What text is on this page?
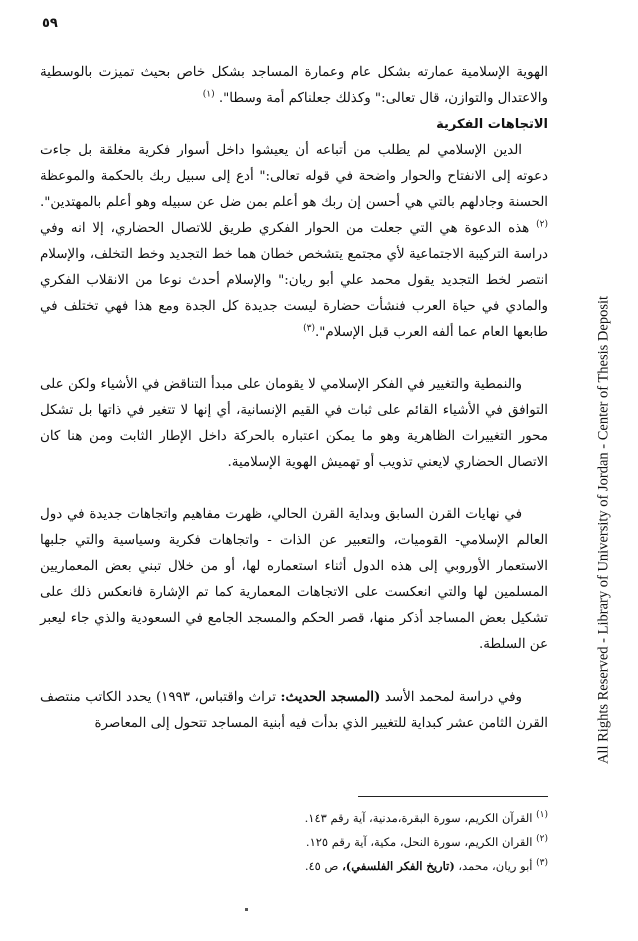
٥٩

الهوية الإسلامية عمارته بشكل عام وعمارة المساجد بشكل خاص بحيث تميزت بالوسطية والاعتدال والتوازن، قال تعالى:" وكذلك جعلناكم أمة وسطا". $^{(١)}$

الاتجاهات الفكرية

الدين الإسلامي لم يطلب من أتباعه أن يعيشوا داخل أسوار فكرية مغلقة بل جاءت دعوته إلى الانفتاح والحوار واضحة في قوله تعالى:" أدع إلى سبيل ربك بالحكمة والموعظة الحسنة وجادلهم بالتي هي أحسن إن ربك هو أعلم بمن ضل عن سبيله وهو أعلم بالمهتدين".$^{(٢)}$ هذه الدعوة هي التي جعلت من الحوار الفكري طريق للاتصال الحضاري، إلا انه وفي دراسة التركيبة الاجتماعية لأي مجتمع يتشخص خطان هما خط التجديد وخط التخلف، والإسلام انتصر لخط التجديد يقول محمد علي أبو ريان:" والإسلام أحدث نوعا من الانقلاب الفكري والمادي في حياة العرب فنشأت حضارة ليست جديدة كل الجدة ومع هذا فهي تختلف في طابعها العام عما ألفه العرب قبل الإسلام".$^{(٣)}$

والنمطية والتغيير في الفكر الإسلامي لا يقومان على مبدأ التناقض في الأشياء ولكن على التوافق في الأشياء القائم على ثبات في القيم الإنسانية، أي إنها لا تتغير في ذاتها بل تشكل محور التغييرات الظاهرية وهو ما يمكن اعتباره بالحركة داخل الإطار الثابت ومن هنا كان الاتصال الحضاري لايعني تذويب أو تهميش الهوية الإسلامية.

في نهايات القرن السابق وبداية القرن الحالي، ظهرت مفاهيم واتجاهات جديدة في دول العالم الإسلامي- القوميات، والتعبير عن الذات - واتجاهات فكرية وسياسية والتي جلبها الاستعمار الأوروبي إلى هذه الدول أثناء استعماره لها، أو من خلال تبني بعض المعماريين المسلمين لها والتي انعكست على الاتجاهات المعمارية كما تم الإشارة فانعكس ذلك على تشكيل بعض المساجد أذكر منها، قصر الحكم والمسجد الجامع في السعودية والذي جاء ليعبر عن السلطة.

وفي دراسة لمحمد الأسد (المسجد الحديث: تراث واقتباس، ١٩٩٣) يحدد الكاتب منتصف القرن الثامن عشر كبداية للتغيير الذي بدأت فيه أبنية المساجد تتحول إلى المعاصرة

$^{(١)}$ القرآن الكريم، سورة البقرة،مدنية، آية رقم ١٤٣.

$^{(٢)}$ القران الكريم، سورة النحل، مكية، آية رقم ١٢٥.

$^{(٣)}$ أبو ريان، محمد، (تاريخ الفكر الفلسفي)، ص ٤٥.

All Rights Reserved - Library of University of Jordan - Center of Thesis Deposit
